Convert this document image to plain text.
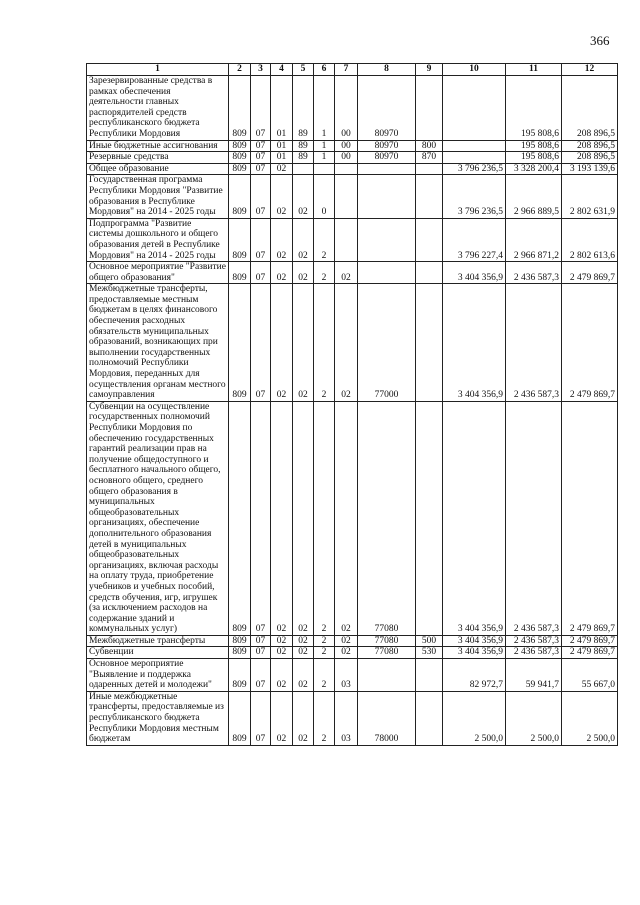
366
1	2	3	4	5	6	7	8	9	10	11	12
Зарезервированные средства в рамках обеспечения деятельности главных распорядителей средств республиканского бюджета Республики Мордовия	809	07	01	89	1	00	80970			195 808,6	208 896,5
Иные бюджетные ассигнования	809	07	01	89	1	00	80970	800		195 808,6	208 896,5
Резервные средства	809	07	01	89	1	00	80970	870		195 808,6	208 896,5
Общее образование	809	07	02						3 796 236,5	3 328 200,4	3 193 139,6
Государственная программа Республики Мордовия "Развитие образования в Республике Мордовия" на 2014 - 2025 годы	809	07	02	02	0				3 796 236,5	2 966 889,5	2 802 631,9
Подпрограмма "Развитие системы дошкольного и общего образования детей в Республике Мордовия" на 2014 - 2025 годы	809	07	02	02	2				3 796 227,4	2 966 871,2	2 802 613,6
Основное мероприятие "Развитие общего образования"	809	07	02	02	2	02			3 404 356,9	2 436 587,3	2 479 869,7
Межбюджетные трансферты, предоставляемые местным бюджетам в целях финансового обеспечения расходных обязательств муниципальных образований, возникающих при выполнении государственных полномочий Республики Мордовия, переданных для осуществления органам местного самоуправления	809	07	02	02	2	02	77000		3 404 356,9	2 436 587,3	2 479 869,7
Субвенции на осуществление государственных полномочий Республики Мордовия по обеспечению государственных гарантий реализации прав на получение общедоступного и бесплатного начального общего, основного общего, среднего общего образования в муниципальных общеобразовательных организациях, обеспечение дополнительного образования детей в муниципальных общеобразовательных организациях, включая расходы на оплату труда, приобретение учебников и учебных пособий, средств обучения, игр, игрушек (за исключением расходов на содержание зданий и коммунальных услуг)	809	07	02	02	2	02	77080		3 404 356,9	2 436 587,3	2 479 869,7
Межбюджетные трансферты	809	07	02	02	2	02	77080	500	3 404 356,9	2 436 587,3	2 479 869,7
Субвенции	809	07	02	02	2	02	77080	530	3 404 356,9	2 436 587,3	2 479 869,7
Основное мероприятие "Выявление и поддержка одаренных детей и молодежи"	809	07	02	02	2	03			82 972,7	59 941,7	55 667,0
Иные межбюджетные трансферты, предоставляемые из республиканского бюджета Республики Мордовия местным бюджетам	809	07	02	02	2	03	78000		2 500,0	2 500,0	2 500,0
